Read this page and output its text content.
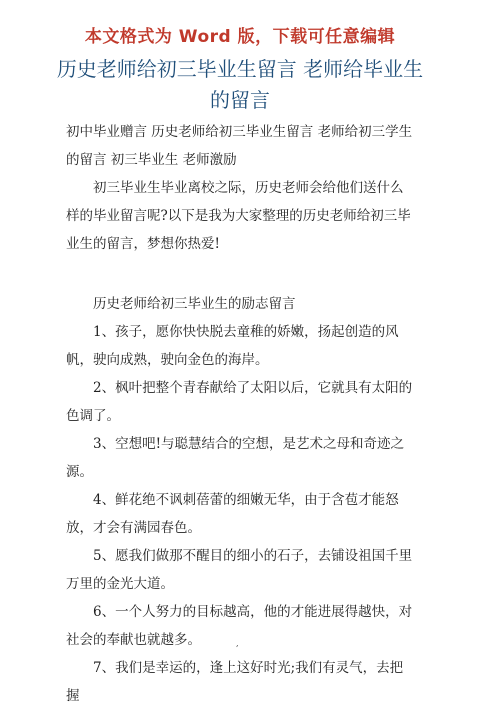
本文格式为 Word 版，下载可任意编辑
历史老师给初三毕业生留言 老师给毕业生
的留言

初中毕业赠言 历史老师给初三毕业生留言 老师给初三学生的留言 初三毕业生 老师激励

初三毕业生毕业离校之际，历史老师会给他们送什么样的毕业留言呢?以下是我为大家整理的历史老师给初三毕业生的留言，梦想你热爱!

历史老师给初三毕业生的励志留言

1、孩子，愿你快快脱去童稚的娇嫩，扬起创造的风帆，驶向成熟，驶向金色的海岸。

2、枫叶把整个青春献给了太阳以后，它就具有太阳的色调了。

3、空想吧!与聪慧结合的空想，是艺术之母和奇迹之源。

4、鲜花绝不讽刺蓓蕾的细嫩无华，由于含苞才能怒放，才会有满园春色。

5、愿我们做那不醒目的细小的石子，去铺设祖国千里万里的金光大道。

6、一个人努力的目标越高，他的才能进展得越快，对社会的奉献也就越多。

7、我们是幸运的，逢上这好时光;我们有灵气，去把握

,
